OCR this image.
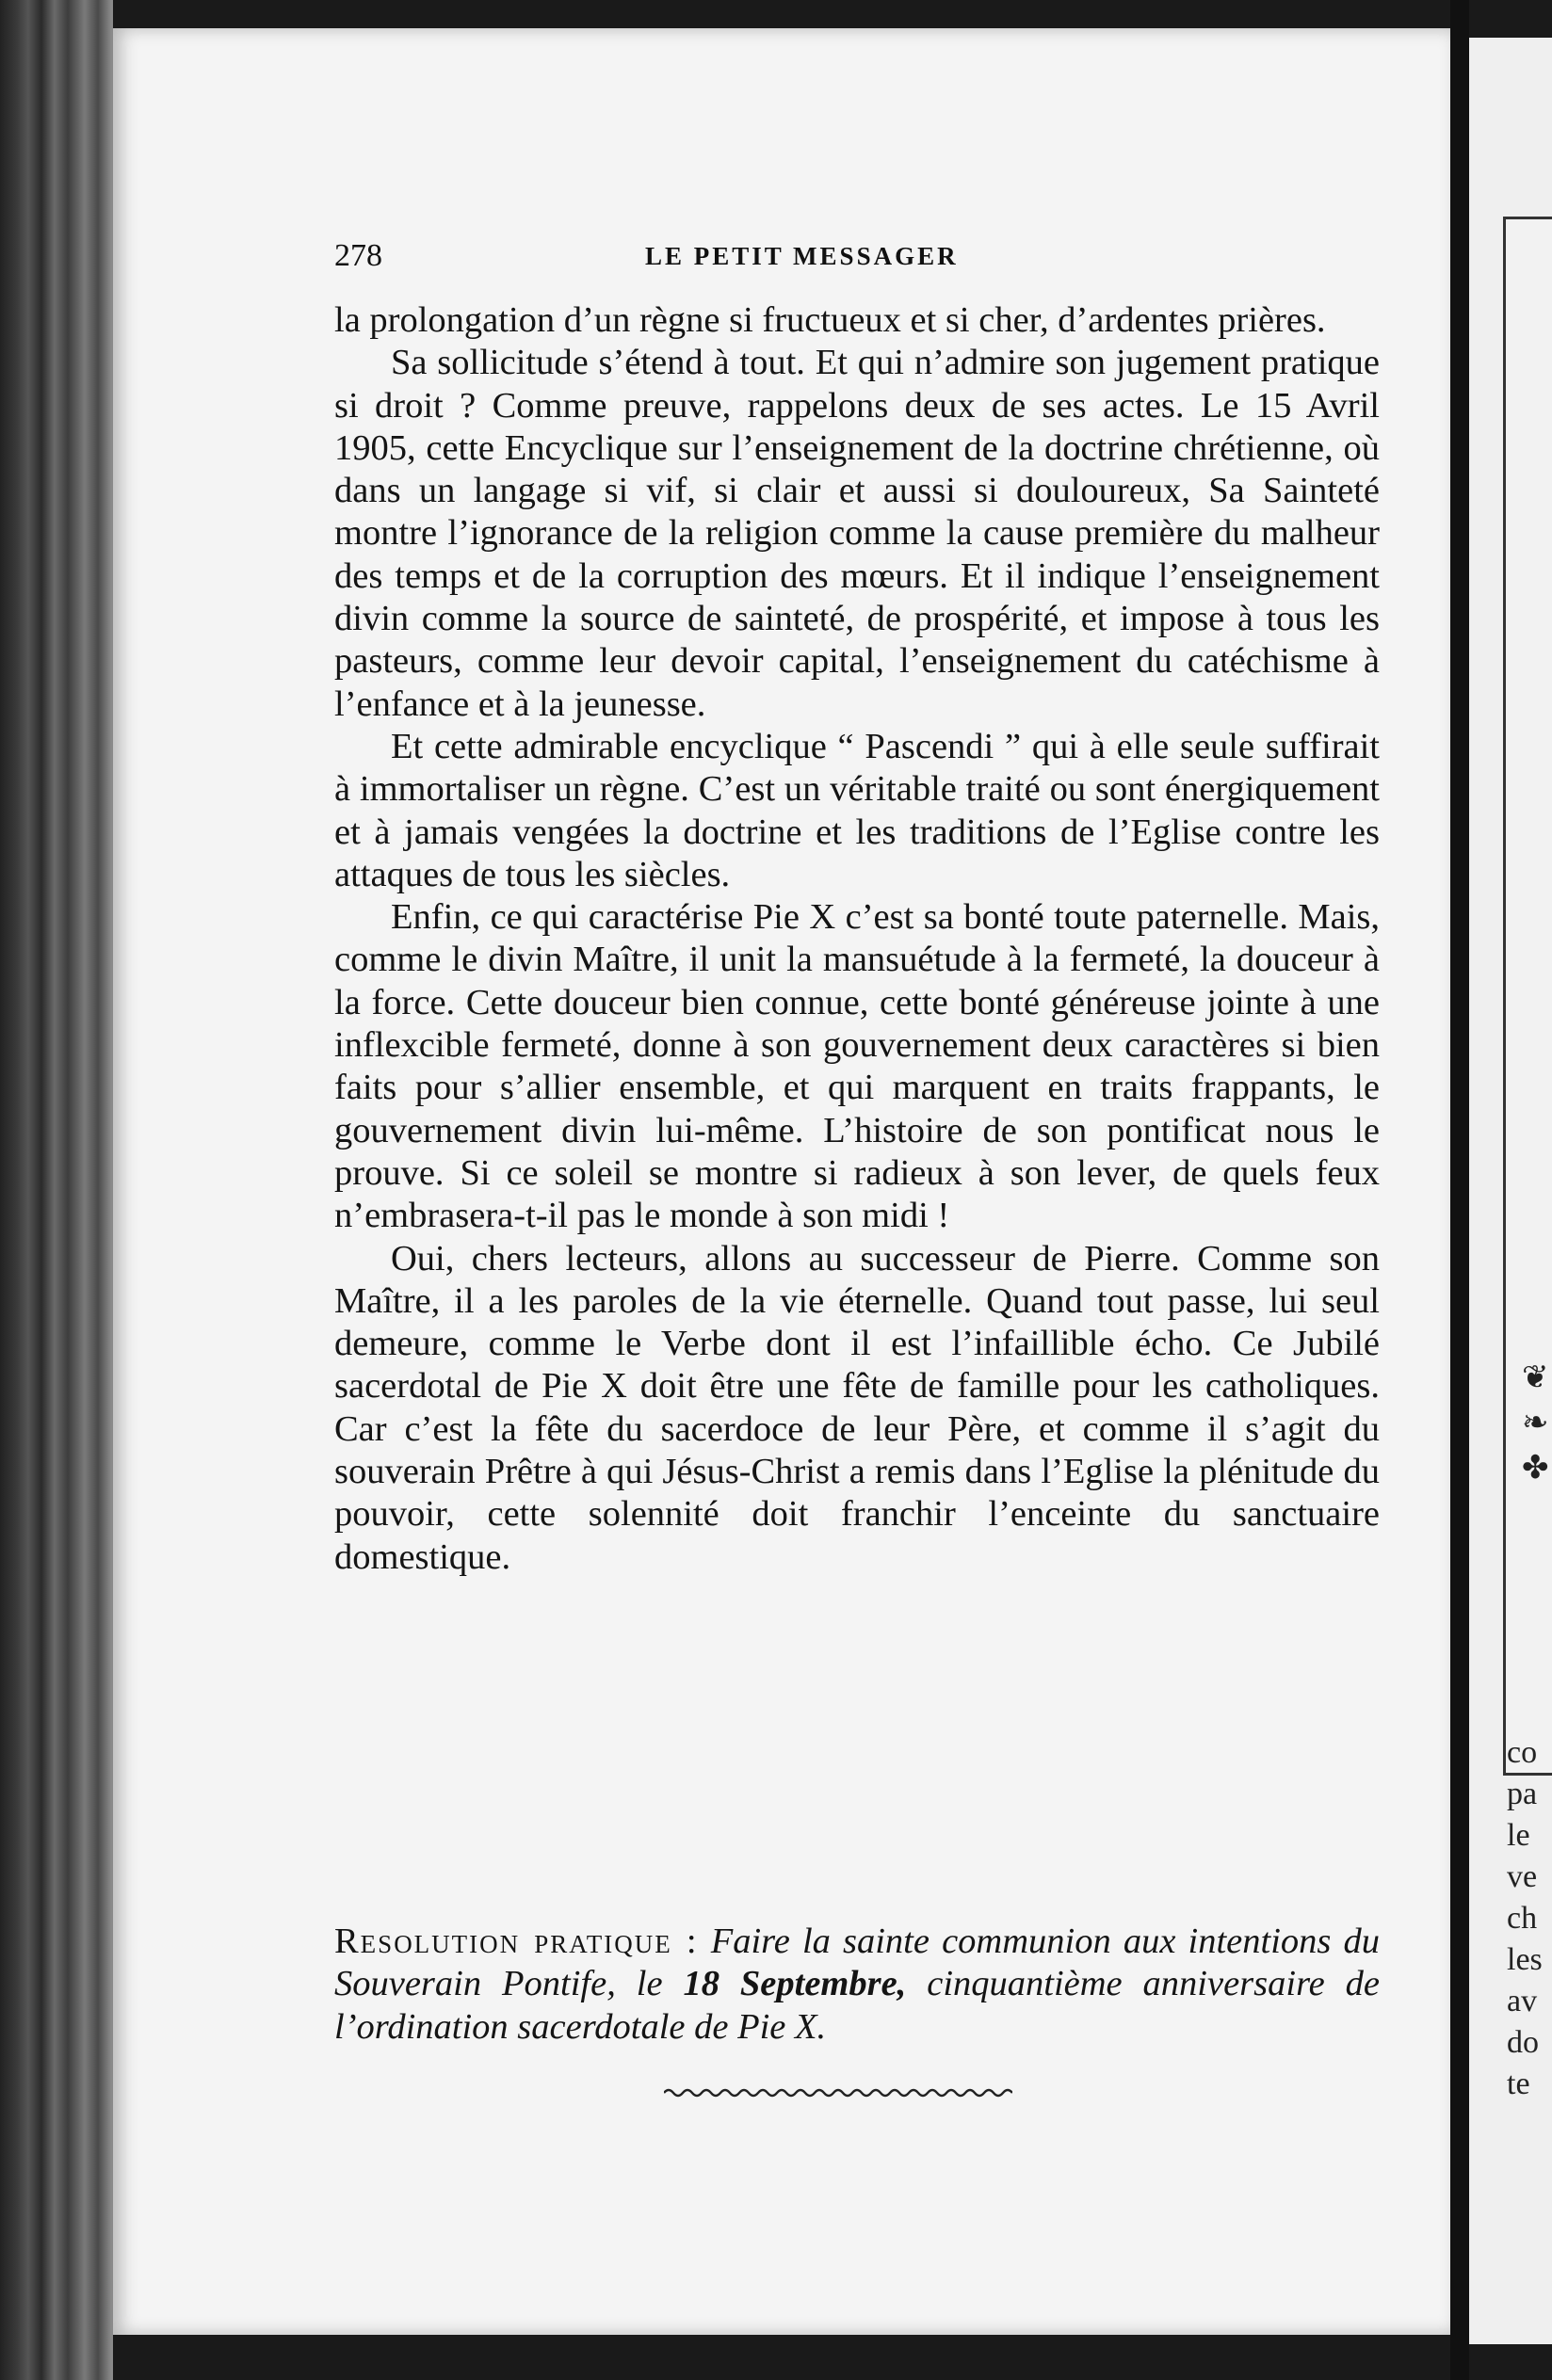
❦
❧
✤
co
pa
le
ve
ch
les
av
do
te
278	LE PETIT MESSAGER

la prolongation d’un règne si fructueux et si cher, d’ardentes prières.

Sa sollicitude s’étend à tout. Et qui n’admire son jugement pratique si droit ? Comme preuve, rappelons deux de ses actes. Le 15 Avril 1905, cette Encyclique sur l’enseignement de la doctrine chrétienne, où dans un langage si vif, si clair et aussi si douloureux, Sa Sainteté montre l’ignorance de la religion comme la cause première du malheur des temps et de la corruption des mœurs. Et il indique l’enseignement divin comme la source de sainteté, de prospérité, et impose à tous les pasteurs, comme leur devoir capital, l’enseignement du catéchisme à l’enfance et à la jeunesse.

Et cette admirable encyclique “ Pascendi ” qui à elle seule suffirait à immortaliser un règne. C’est un véritable traité ou sont énergiquement et à jamais vengées la doctrine et les traditions de l’Eglise contre les attaques de tous les siècles.

Enfin, ce qui caractérise Pie X c’est sa bonté toute paternelle. Mais, comme le divin Maître, il unit la mansuétude à la fermeté, la douceur à la force. Cette douceur bien connue, cette bonté généreuse jointe à une inflexcible fermeté, donne à son gouvernement deux caractères si bien faits pour s’allier ensemble, et qui marquent en traits frappants, le gouvernement divin lui-même. L’histoire de son pontificat nous le prouve. Si ce soleil se montre si radieux à son lever, de quels feux n’embrasera-t-il pas le monde à son midi !

Oui, chers lecteurs, allons au successeur de Pierre. Comme son Maître, il a les paroles de la vie éternelle. Quand tout passe, lui seul demeure, comme le Verbe dont il est l’infaillible écho. Ce Jubilé sacerdotal de Pie X doit être une fête de famille pour les catholiques. Car c’est la fête du sacerdoce de leur Père, et comme il s’agit du souverain Prêtre à qui Jésus-Christ a remis dans l’Eglise la plénitude du pouvoir, cette solennité doit franchir l’enceinte du sanctuaire domestique.

Resolution pratique : Faire la sainte communion aux intentions du Souverain Pontife, le 18 Septembre, cinquantième anniversaire de l’ordination sacerdotale de Pie X.
